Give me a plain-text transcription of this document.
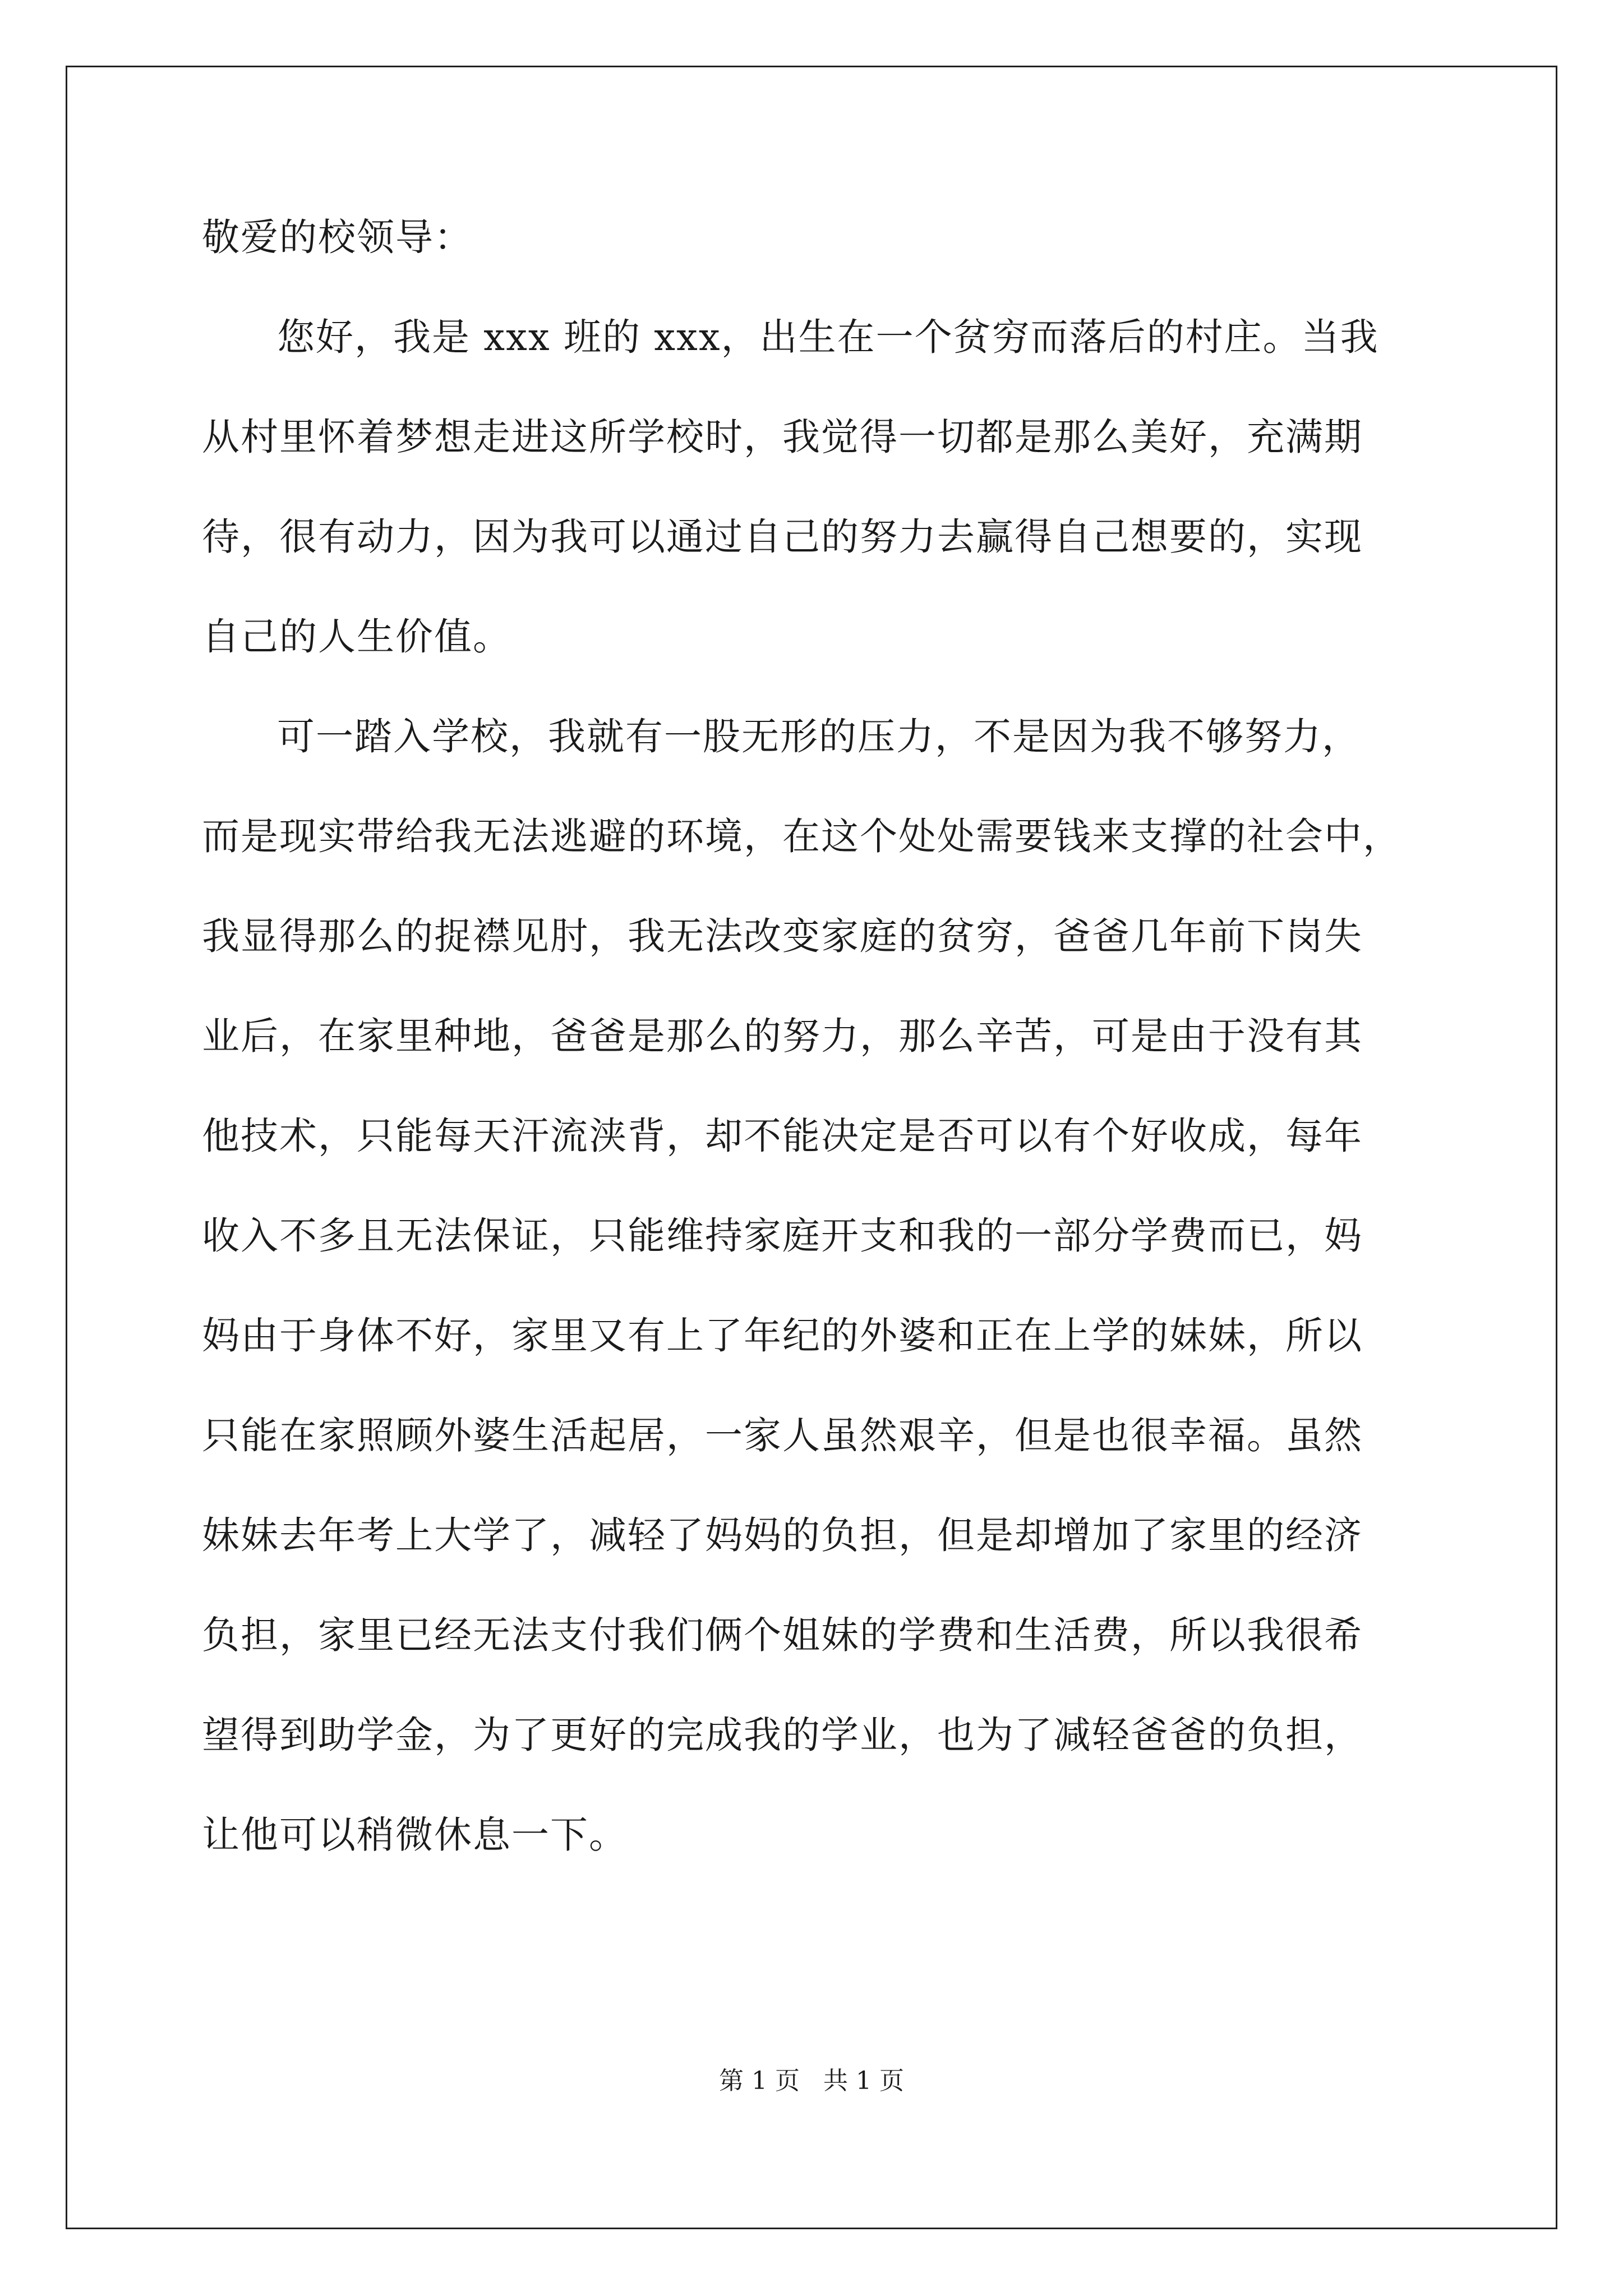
敬爱的校领导：
您好，我是 xxx 班的 xxx，出生在一个贫穷而落后的村庄。当我
从村里怀着梦想走进这所学校时，我觉得一切都是那么美好，充满期
待，很有动力，因为我可以通过自己的努力去赢得自己想要的，实现
自己的人生价值。
可一踏入学校，我就有一股无形的压力，不是因为我不够努力，
而是现实带给我无法逃避的环境，在这个处处需要钱来支撑的社会中，
我显得那么的捉襟见肘，我无法改变家庭的贫穷，爸爸几年前下岗失
业后，在家里种地，爸爸是那么的努力，那么辛苦，可是由于没有其
他技术，只能每天汗流浃背，却不能决定是否可以有个好收成，每年
收入不多且无法保证，只能维持家庭开支和我的一部分学费而已，妈
妈由于身体不好，家里又有上了年纪的外婆和正在上学的妹妹，所以
只能在家照顾外婆生活起居，一家人虽然艰辛，但是也很幸福。虽然
妹妹去年考上大学了，减轻了妈妈的负担，但是却增加了家里的经济
负担，家里已经无法支付我们俩个姐妹的学费和生活费，所以我很希
望得到助学金，为了更好的完成我的学业，也为了减轻爸爸的负担，
让他可以稍微休息一下。
第 1 页   共 1 页
